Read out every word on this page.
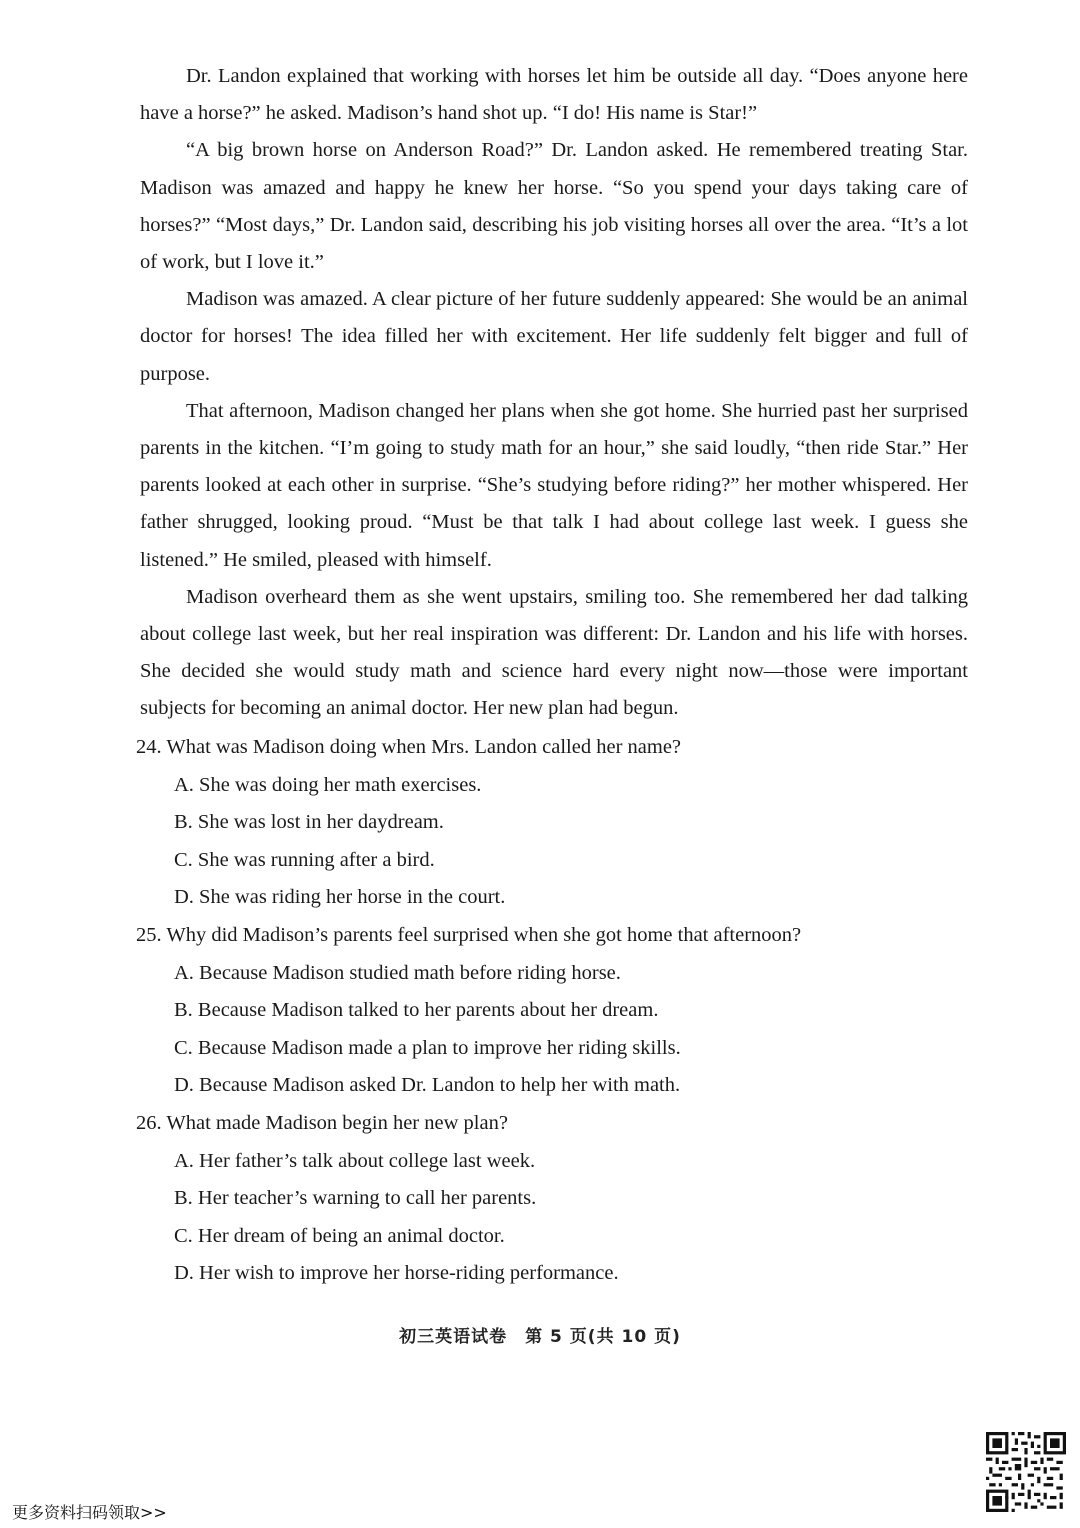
Dr. Landon explained that working with horses let him be outside all day. “Does anyone here have a horse?” he asked. Madison’s hand shot up. “I do! His name is Star!”

“A big brown horse on Anderson Road?” Dr. Landon asked. He remembered treating Star. Madison was amazed and happy he knew her horse. “So you spend your days taking care of horses?” “Most days,” Dr. Landon said, describing his job visiting horses all over the area. “It’s a lot of work, but I love it.”

Madison was amazed. A clear picture of her future suddenly appeared: She would be an animal doctor for horses! The idea filled her with excitement. Her life suddenly felt bigger and full of purpose.

That afternoon, Madison changed her plans when she got home. She hurried past her surprised parents in the kitchen. “I’m going to study math for an hour,” she said loudly, “then ride Star.” Her parents looked at each other in surprise. “She’s studying before riding?” her mother whispered. Her father shrugged, looking proud. “Must be that talk I had about college last week. I guess she listened.” He smiled, pleased with himself.

Madison overheard them as she went upstairs, smiling too. She remembered her dad talking about college last week, but her real inspiration was different: Dr. Landon and his life with horses. She decided she would study math and science hard every night now—those were important subjects for becoming an animal doctor. Her new plan had begun.

24. What was Madison doing when Mrs. Landon called her name?

A. She was doing her math exercises.

B. She was lost in her daydream.

C. She was running after a bird.

D. She was riding her horse in the court.

25. Why did Madison’s parents feel surprised when she got home that afternoon?

A. Because Madison studied math before riding horse.

B. Because Madison talked to her parents about her dream.

C. Because Madison made a plan to improve her riding skills.

D. Because Madison asked Dr. Landon to help her with math.

26. What made Madison begin her new plan?

A. Her father’s talk about college last week.

B. Her teacher’s warning to call her parents.

C. Her dream of being an animal doctor.

D. Her wish to improve her horse-riding performance.

初三英语试卷　第 5 页(共 10 页)
更多资料扫码领取>>
